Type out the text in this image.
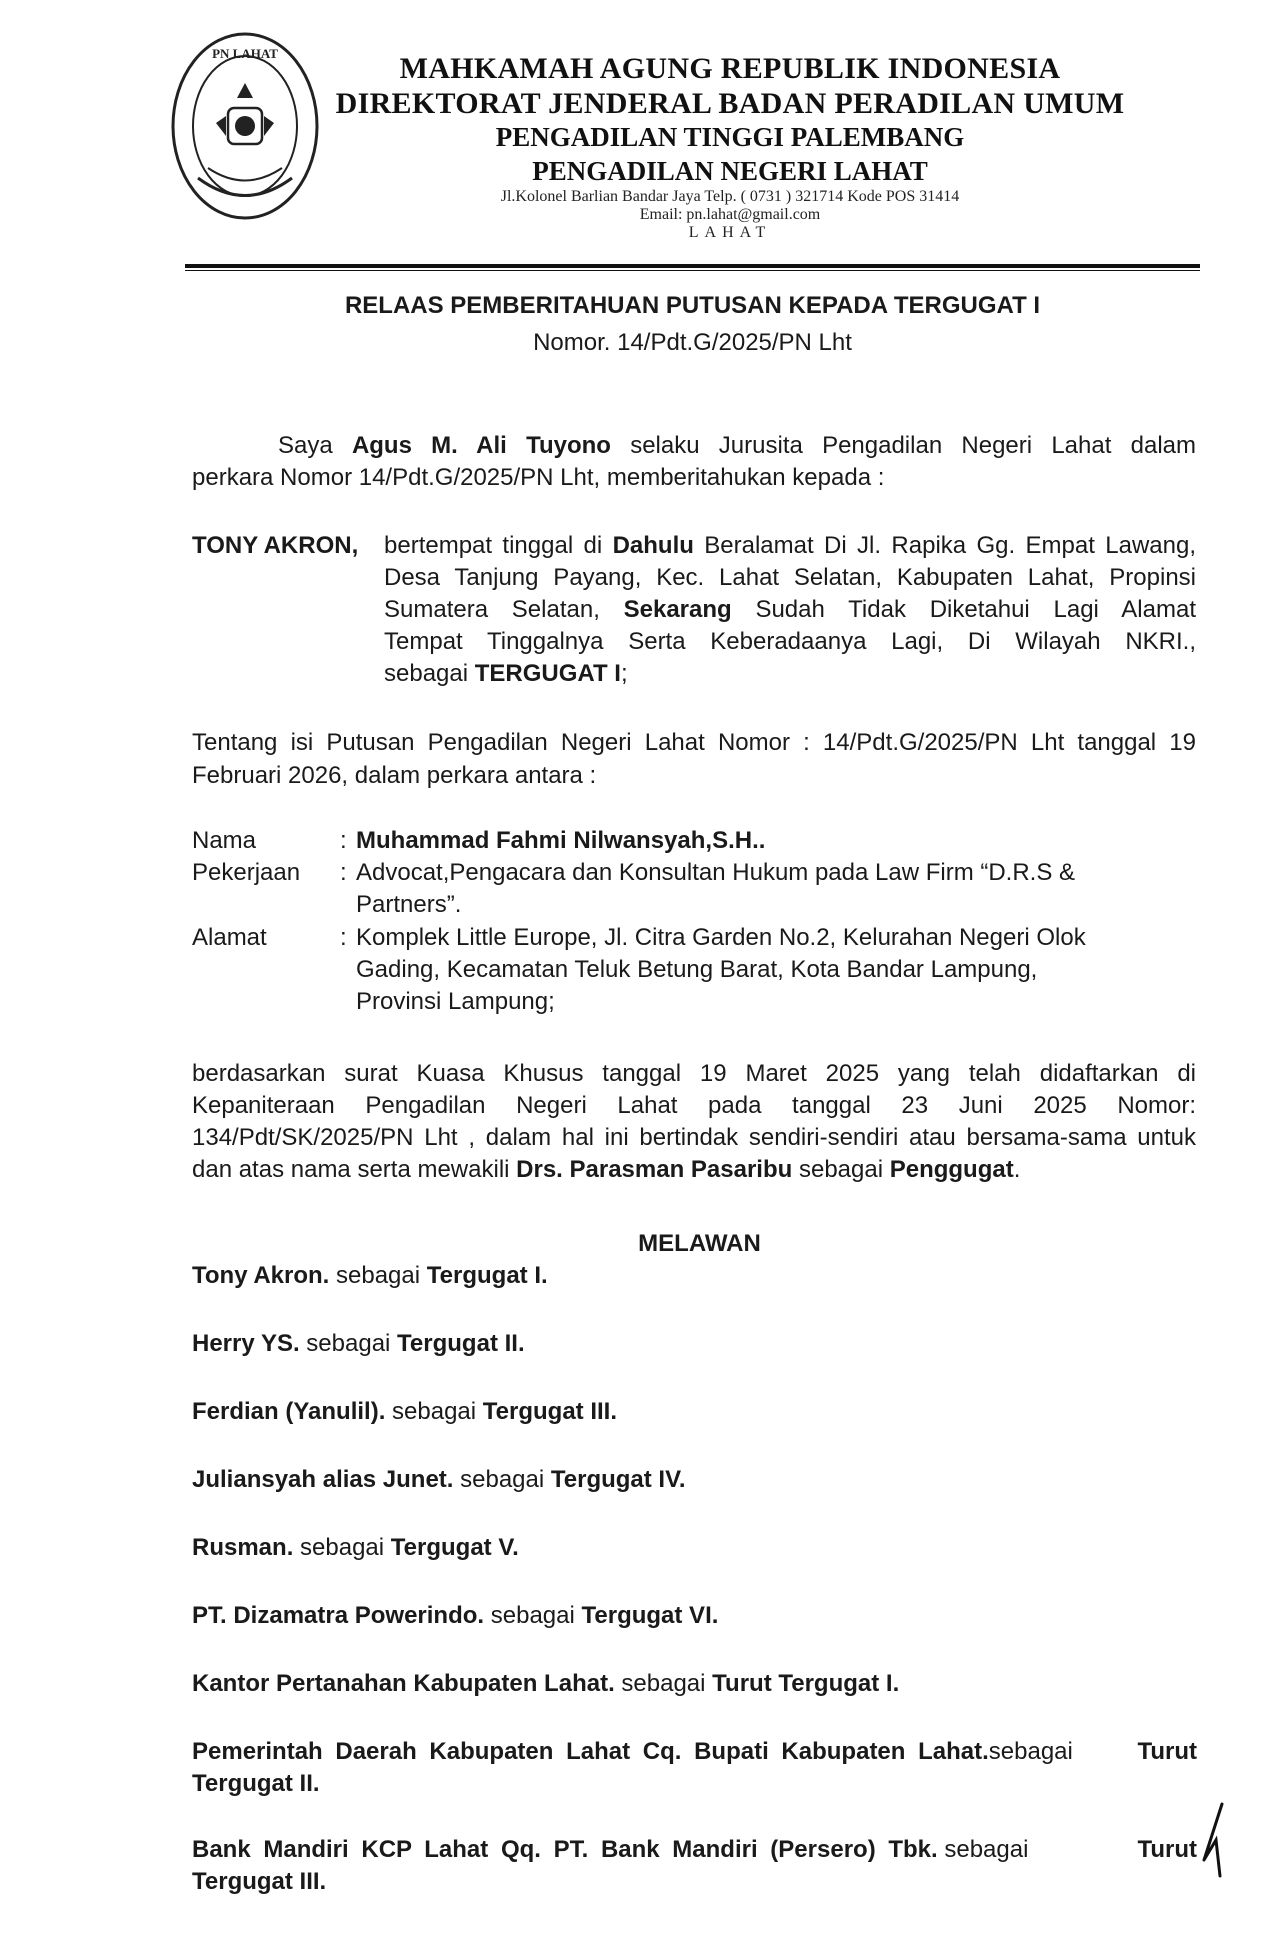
PN LAHAT	MAHKAMAH AGUNG REPUBLIK INDONESIA
DIREKTORAT JENDERAL BADAN PERADILAN UMUM
PENGADILAN TINGGI PALEMBANG
PENGADILAN NEGERI LAHAT
Jl.Kolonel Barlian Bandar Jaya Telp. ( 0731 ) 321714 Kode POS 31414
Email: pn.lahat@gmail.com
LAHAT
RELAAS PEMBERITAHUAN PUTUSAN KEPADA TERGUGAT I
Nomor. 14/Pdt.G/2025/PN Lht
Saya Agus M. Ali Tuyono selaku Jurusita Pengadilan Negeri Lahat dalam
perkara Nomor 14/Pdt.G/2025/PN Lht, memberitahukan kepada :
TONY AKRON, bertempat tinggal di Dahulu Beralamat Di Jl. Rapika Gg. Empat Lawang,
Desa Tanjung Payang, Kec. Lahat Selatan, Kabupaten Lahat, Propinsi
Sumatera Selatan, Sekarang Sudah Tidak Diketahui Lagi Alamat
Tempat Tinggalnya Serta Keberadaanya Lagi, Di Wilayah NKRI.,
sebagai TERGUGAT I;
Tentang isi Putusan Pengadilan Negeri Lahat Nomor : 14/Pdt.G/2025/PN Lht tanggal 19
Februari 2026, dalam perkara antara :
Nama	: Muhammad Fahmi Nilwansyah,S.H..
Pekerjaan : Advocat,Pengacara dan Konsultan Hukum pada Law Firm “D.R.S &
Partners”.
Alamat	: Komplek Little Europe, Jl. Citra Garden No.2, Kelurahan Negeri Olok
Gading, Kecamatan Teluk Betung Barat, Kota Bandar Lampung,
Provinsi Lampung;
berdasarkan surat Kuasa Khusus tanggal 19 Maret 2025 yang telah didaftarkan di
Kepaniteraan Pengadilan Negeri Lahat pada tanggal 23 Juni 2025 Nomor:
134/Pdt/SK/2025/PN Lht , dalam hal ini bertindak sendiri-sendiri atau bersama-sama untuk
dan atas nama serta mewakili Drs. Parasman Pasaribu sebagai Penggugat.
MELAWAN
Tony Akron. sebagai Tergugat I.
Herry YS. sebagai Tergugat II.
Ferdian (Yanulil). sebagai Tergugat III.
Juliansyah alias Junet. sebagai Tergugat IV.
Rusman. sebagai Tergugat V.
PT. Dizamatra Powerindo. sebagai Tergugat VI.
Kantor Pertanahan Kabupaten Lahat. sebagai Turut Tergugat I.
Pemerintah Daerah Kabupaten Lahat Cq. Bupati Kabupaten Lahat.sebagai	Turut
Tergugat II.
Bank Mandiri KCP Lahat Qq. PT. Bank Mandiri (Persero) Tbk. sebagai	Turut
Tergugat III.
